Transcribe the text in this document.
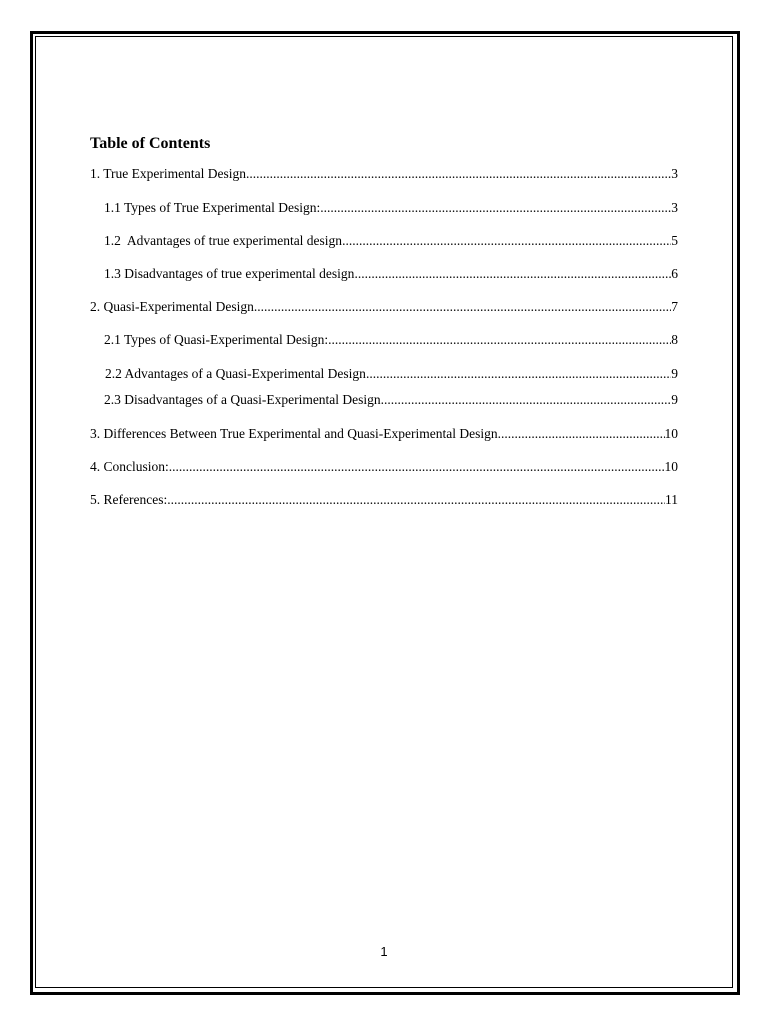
Table of Contents
1. True Experimental Design .....	3
1.1 Types of True Experimental Design: .....	3
1.2  Advantages of true experimental design .....	5
1.3 Disadvantages of true experimental design .....	6
2. Quasi-Experimental Design .....	7
2.1 Types of Quasi-Experimental Design: .....	8
2.2 Advantages of a Quasi-Experimental Design .....	9
2.3 Disadvantages of a Quasi-Experimental Design .....	9
3. Differences Between True Experimental and Quasi-Experimental Design .....	10
4. Conclusion: .....	10
5. References: .....	11
1
